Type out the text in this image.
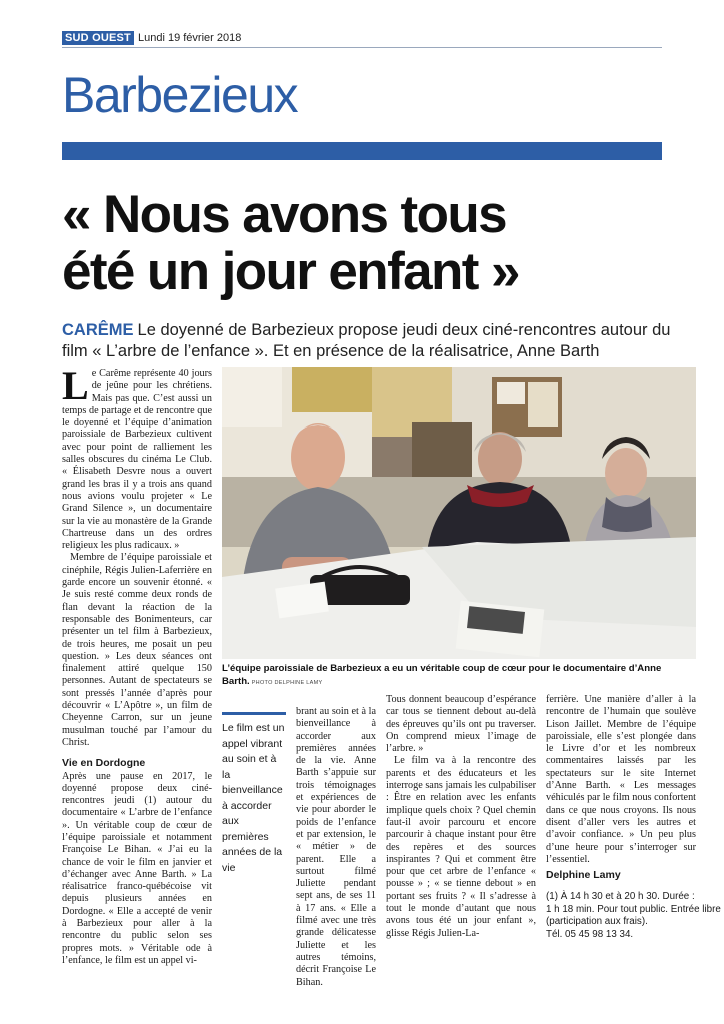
SUD OUEST Lundi 19 février 2018
Barbezieux
« Nous avons tous
été un jour enfant »
CARÊME Le doyenné de Barbezieux propose jeudi deux ciné-rencontres autour du film « L’arbre de l’enfance ». Et en présence de la réalisatrice, Anne Barth

Le Carême représente 40 jours de jeûne pour les chrétiens. Mais pas que. C’est aussi un temps de partage et de rencontre que le doyenné et l’équipe d’animation paroissiale de Barbezieux cultivent avec pour point de ralliement les salles obscures du cinéma Le Club. « Élisabeth Desvre nous a ouvert grand les bras il y a trois ans quand nous avions voulu projeter « Le Grand Silence », un documentaire sur la vie au monastère de la Grande Chartreuse dans un des ordres religieux les plus radicaux. »

Membre de l’équipe paroissiale et cinéphile, Régis Julien-Laferrière en garde encore un souvenir étonné. « Je suis resté comme deux ronds de flan devant la réaction de la responsable des Bonimenteurs, car présenter un tel film à Barbezieux, de trois heures, me posait un peu question. » Les deux séances ont finalement attiré quelque 150 personnes. Autant de spectateurs se sont pressés l’année d’après pour découvrir « L’Apôtre », un film de Cheyenne Carron, sur un jeune musulman touché par l’amour du Christ.

Vie en Dordogne

Après une pause en 2017, le doyenné propose deux ciné-rencontres jeudi (1) autour du documentaire « L’arbre de l’enfance ». Un véritable coup de cœur de l’équipe paroissiale et notamment Françoise Le Bihan. « J’ai eu la chance de voir le film en janvier et d’échanger avec Anne Barth. » La réalisatrice franco-québécoise vit depuis plusieurs années en Dordogne. « Elle a accepté de venir à Barbezieux pour aller à la rencontre du public selon ses propres mots. » Véritable ode à l’enfance, le film est un appel vi-

L’équipe paroissiale de Barbezieux a eu un véritable coup de cœur pour le documentaire d’Anne Barth. PHOTO DELPHINE LAMY
Le film est un appel vibrant au soin et à la bienveillance à accorder aux premières années de la vie

brant au soin et à la bienveillance à accorder aux premières années de la vie. Anne Barth s’appuie sur trois témoignages et expériences de vie pour aborder le poids de l’enfance et par extension, le « métier » de parent. Elle a surtout filmé Juliette pendant sept ans, de ses 11 à 17 ans. « Elle a filmé avec une très grande délicatesse Juliette et les autres témoins, décrit Françoise Le Bihan.

Tous donnent beaucoup d’espérance car tous se tiennent debout au-delà des épreuves qu’ils ont pu traverser. On comprend mieux l’image de l’arbre. »

Le film va à la rencontre des parents et des éducateurs et les interroge sans jamais les culpabiliser : Être en relation avec les enfants implique quels choix ? Quel chemin faut-il avoir parcouru et encore parcourir à chaque instant pour être des repères et des sources inspirantes ? Qui et comment être pour que cet arbre de l’enfance « pousse » ; « se tienne debout » en portant ses fruits ? « Il s’adresse à tout le monde d’autant que nous avons tous été un jour enfant », glisse Régis Julien-La-

ferrière. Une manière d’aller à la rencontre de l’humain que soulève Lison Jaillet. Membre de l’équipe paroissiale, elle s’est plongée dans le Livre d’or et les nombreux commentaires laissés par les spectateurs sur le site Internet d’Anne Barth. « Les messages véhiculés par le film nous confortent dans ce que nous croyons. Ils nous disent d’aller vers les autres et d’avoir confiance. » Un peu plus d’une heure pour s’interroger sur l’essentiel.

Delphine Lamy
(1) À 14 h 30 et à 20 h 30. Durée :
1 h 18 min. Pour tout public. Entrée libre
(participation aux frais).
Tél. 05 45 98 13 34.
